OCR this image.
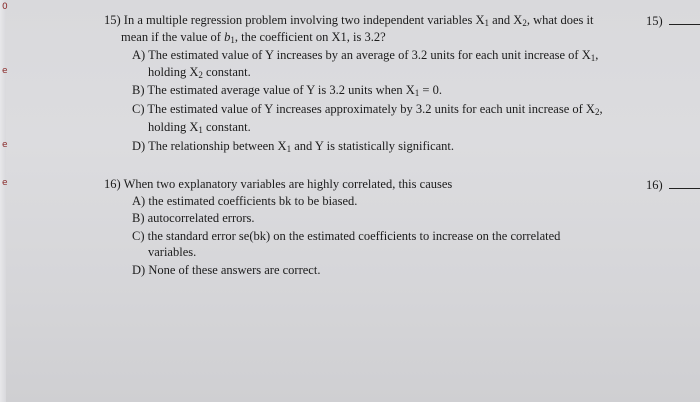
0
e
e
e
15) In a multiple regression problem involving two independent variables $X_1$ and $X_2$, what does it
mean if the value of $b_1$, the coefficient on X1, is 3.2?
A) The estimated value of Y increases by an average of 3.2 units for each unit increase of $X_1$,
holding $X_2$ constant.
B) The estimated average value of Y is 3.2 units when $X_1 = 0$.
C) The estimated value of Y increases approximately by 3.2 units for each unit increase of $X_2$,
holding $X_1$ constant.
D) The relationship between $X_1$ and Y is statistically significant.
15)
16) When two explanatory variables are highly correlated, this causes
A) the estimated coefficients bk to be biased.
B) autocorrelated errors.
C) the standard error se(bk) on the estimated coefficients to increase on the correlated
variables.
D) None of these answers are correct.
16)
